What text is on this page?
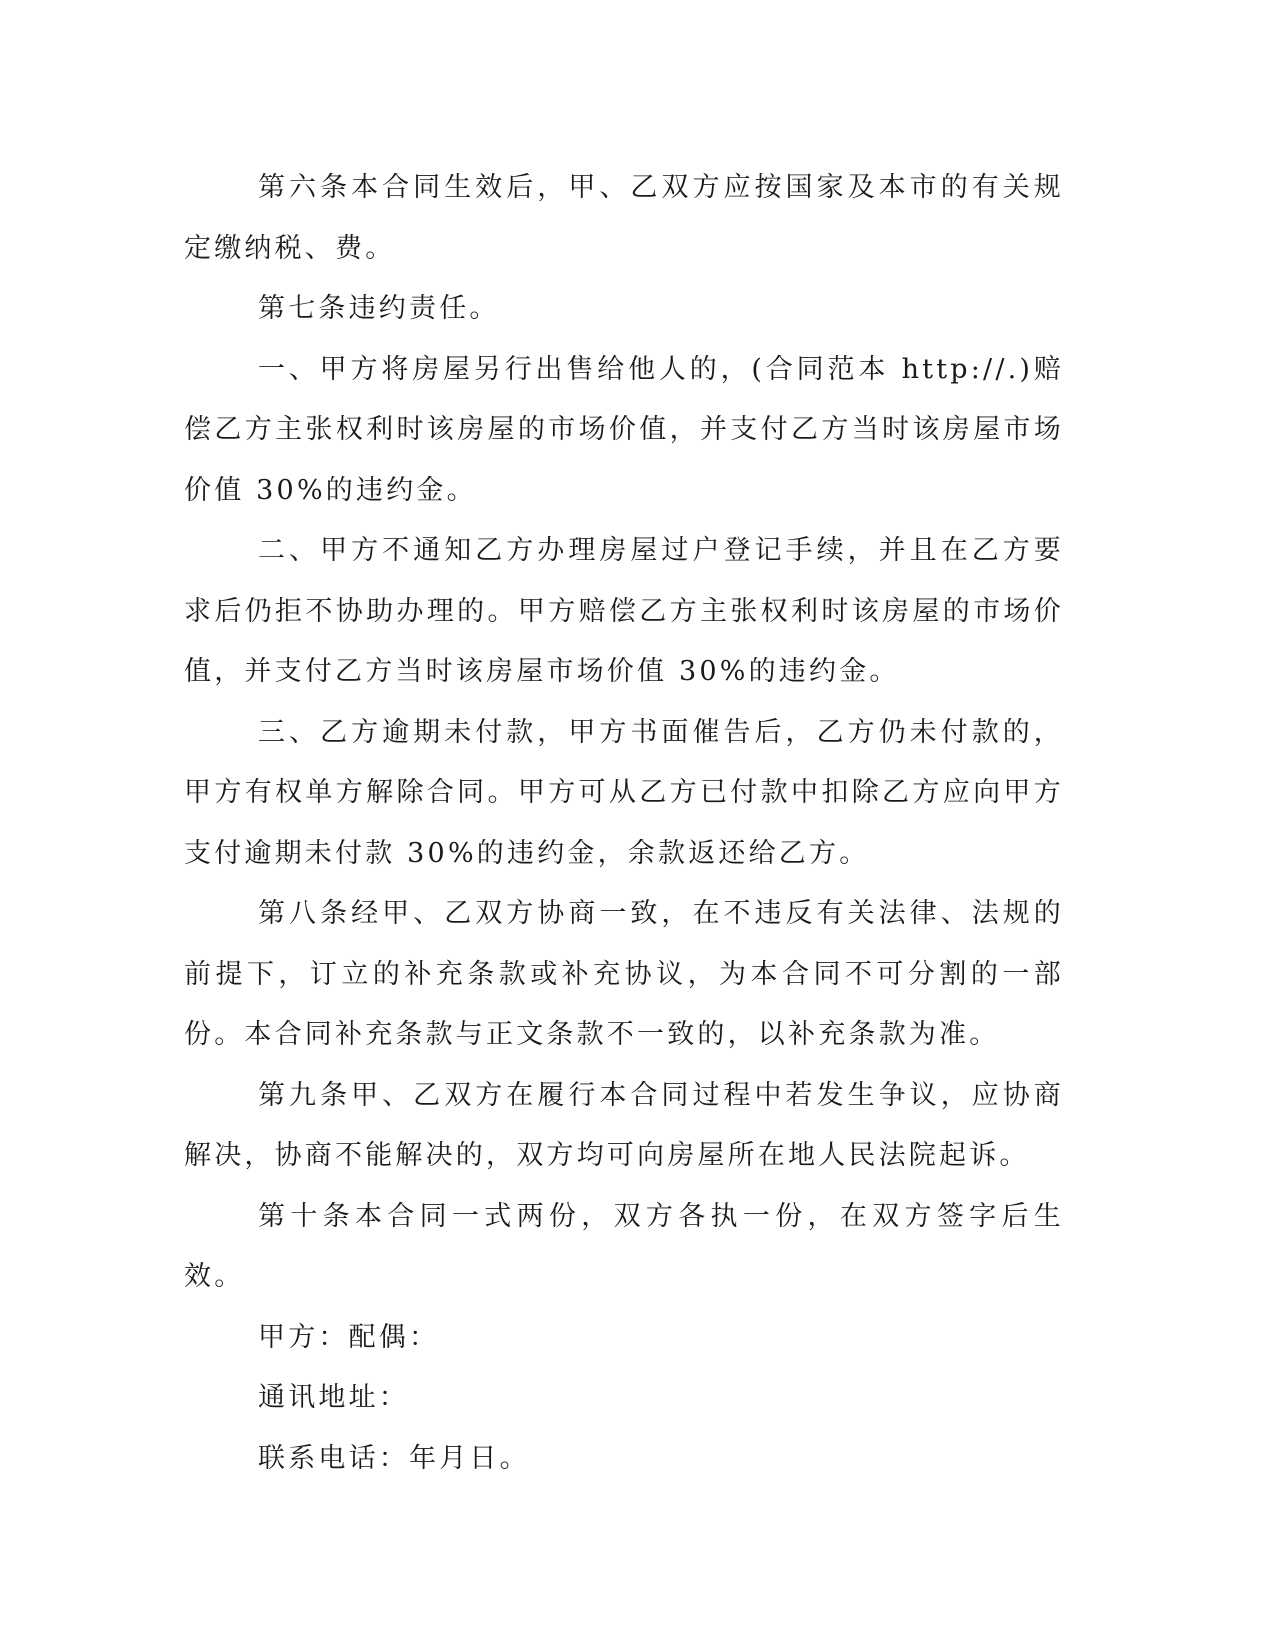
第六条本合同生效后，甲、乙双方应按国家及本市的有关规定缴纳税、费。

第七条违约责任。

一、甲方将房屋另行出售给他人的，(合同范本 http://.)赔偿乙方主张权利时该房屋的市场价值，并支付乙方当时该房屋市场价值 30%的违约金。

二、甲方不通知乙方办理房屋过户登记手续，并且在乙方要求后仍拒不协助办理的。甲方赔偿乙方主张权利时该房屋的市场价值，并支付乙方当时该房屋市场价值 30%的违约金。

三、乙方逾期未付款，甲方书面催告后，乙方仍未付款的，甲方有权单方解除合同。甲方可从乙方已付款中扣除乙方应向甲方支付逾期未付款 30%的违约金，余款返还给乙方。

第八条经甲、乙双方协商一致，在不违反有关法律、法规的前提下，订立的补充条款或补充协议，为本合同不可分割的一部份。本合同补充条款与正文条款不一致的，以补充条款为准。

第九条甲、乙双方在履行本合同过程中若发生争议，应协商解决，协商不能解决的，双方均可向房屋所在地人民法院起诉。

第十条本合同一式两份，双方各执一份，在双方签字后生效。

甲方：配偶：

通讯地址：

联系电话：年月日。
